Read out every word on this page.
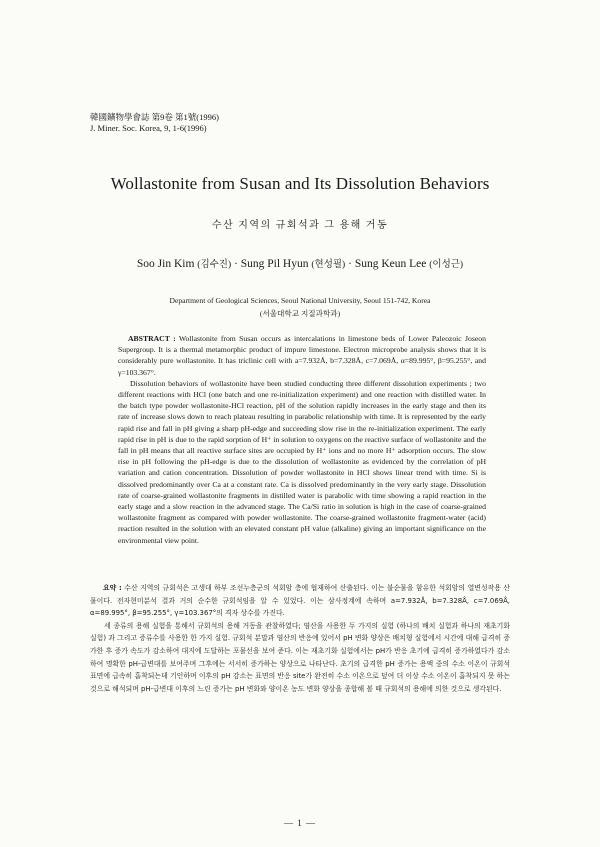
韓國鑛物學會誌 第9卷 第1號(1996)
J. Miner. Soc. Korea, 9, 1-6(1996)
Wollastonite from Susan and Its Dissolution Behaviors
수산 지역의 규회석과 그 용해 거동
Soo Jin Kim (김수진) · Sung Pil Hyun (현성필) · Sung Keun Lee (이성근)
Department of Geological Sciences, Seoul National University, Seoul 151-742, Korea
(서울대학교 지질과학과)

ABSTRACT : Wollastonite from Susan occurs as intercalations in limestone beds of Lower Paleozoic Joseon Supergroup. It is a thermal metamorphic product of impure limestone. Electron microprobe analysis shows that it is considerably pure wollastonite. It has triclinic cell with a=7.932Å, b=7.328Å, c=7.069Å, α=89.995°, β=95.255°, and γ=103.367°.

Dissolution behaviors of wollastonite have been studied conducting three different dissolution experiments ; two different reactions with HCl (one batch and one re-initialization experiment) and one reaction with distilled water. In the batch type powder wollastonite-HCl reaction, pH of the solution rapidly increases in the early stage and then its rate of increase slows down to reach plateau resulting in parabolic relationship with time. It is represented by the early rapid rise and fall in pH giving a sharp pH-edge and succeeding slow rise in the re-initialization experiment. The early rapid rise in pH is due to the rapid sorption of H⁺ in solution to oxygens on the reactive surface of wollastonite and the fall in pH means that all reactive surface sites are occupied by H⁺ ions and no more H⁺ adsorption occurs. The slow rise in pH following the pH-edge is due to the dissolution of wollastonite as evidenced by the correlation of pH variation and cation concentration. Dissolution of powder wollastonite in HCl shows linear trend with time. Si is dissolved predominantly over Ca at a constant rate. Ca is dissolved predominantly in the very early stage. Dissolution rate of coarse-grained wollastonite fragments in distilled water is parabolic with time showing a rapid reaction in the early stage and a slow reaction in the advanced stage. The Ca/Si ratio in solution is high in the case of coarse-grained wollastonite fragment as compared with powder wollastonite. The coarse-grained wollastonite fragment-water (acid) reaction resulted in the solution with an elevated constant pH value (alkaline) giving an important significance on the environmental view point.

요약 : 수산 지역의 규회석은 고생대 하부 조선누층군의 석회암 층에 협재하여 산출된다. 이는 불순물을 함유한 석회암의 열변성작용 산물이다. 전자현미분석 결과 거의 순수한 규회석임을 알 수 있었다. 이는 삼사정계에 속하며 a=7.932Å, b=7.328Å, c=7.069Å, α=89.995°, β=95.255°, γ=103.367°의 격자 상수를 가진다.

세 종류의 용해 실험을 통해서 규회석의 용해 거동을 관찰하였다; 염산을 사용한 두 가지의 실험 (하나의 배치 실험과 하나의 재초기화 실험) 과 그리고 증류수를 사용한 한 가지 실험. 규회석 분말과 염산의 반응에 있어서 pH 변화 양상은 배치형 실험에서 시간에 대해 급격히 증가한 후 증가 속도가 감소하여 대지에 도달하는 포물선을 보여 준다. 이는 재초기화 실험에서는 pH가 반응 초기에 급격히 증가하였다가 감소하여 명확한 pH-급변대를 보여주며 그후에는 서서히 증가하는 양상으로 나타난다. 초기의 급격한 pH 증가는 용액 중의 수소 이온이 규회석 표면에 급속히 흡착되는데 기인하며 이후의 pH 감소는 표면의 반응 site가 완전히 수소 이온으로 덮여 더 이상 수소 이온이 흡착되지 못 하는 것으로 해석되며 pH-급변대 이후의 느린 증가는 pH 변화와 양이온 농도 변화 양상을 종합해 볼 때 규회석의 용해에 의한 것으로 생각된다.

— 1 —
